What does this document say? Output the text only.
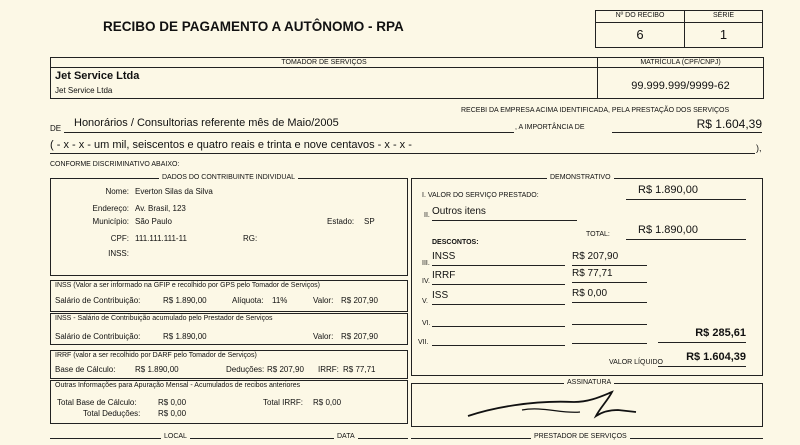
RECIBO DE PAGAMENTO A AUTÔNOMO - RPA
Nº DO RECIBO	SÉRIE
6	1
TOMADOR DE SERVIÇOS
Jet Service Ltda
Jet Service Ltda
MATRÍCULA (CPF/CNPJ)
99.999.999/9999-62
RECEBI DA EMPRESA ACIMA IDENTIFICADA, PELA PRESTAÇÃO DOS SERVIÇOS
DE	Honorários / Consultorias referente mês de Maio/2005	, A IMPORTÂNCIA DE	R$ 1.604,39
( - x - x - um mil, seiscentos e quatro reais e trinta e nove centavos - x - x -	),
CONFORME DISCRIMINATIVO ABAIXO:
DADOS DO CONTRIBUINTE INDIVIDUAL
Nome: Everton Silas da Silva
Endereço: Av. Brasil, 123
Município: São Paulo	Estado: SP
CPF: 111.111.111-11	RG:
INSS:
INSS (Valor a ser informado na GFIP e recolhido por GPS pelo Tomador de Serviços)
Salário de Contribuição:	R$ 1.890,00	Alíquota: 11%	Valor: R$ 207,90
INSS - Salário de Contribuição acumulado pelo Prestador de Serviços
Salário de Contribuição:	R$ 1.890,00	Valor: R$ 207,90
IRRF (valor a ser recolhido por DARF pelo Tomador de Serviços)
Base de Cálculo: R$ 1.890,00	Deduções: R$ 207,90 IRRF: R$ 77,71
Outras Informações para Apuração Mensal - Acumulados de recibos anteriores
Total Base de Cálculo:	R$ 0,00	Total IRRF: R$ 0,00
Total Deduções: R$ 0,00
DEMONSTRATIVO
I. VALOR DO SERVIÇO PRESTADO:	R$ 1.890,00
II. Outros itens
TOTAL:	R$ 1.890,00
DESCONTOS:
III.
INSS	R$ 207,90
IV.
IRRF	R$ 77,71
V.
ISS	R$ 0,00
VI.
VII.
R$ 285,61
VALOR LÍQUIDO	R$ 1.604,39
ASSINATURA
LOCAL	DATA	PRESTADOR DE SERVIÇOS
